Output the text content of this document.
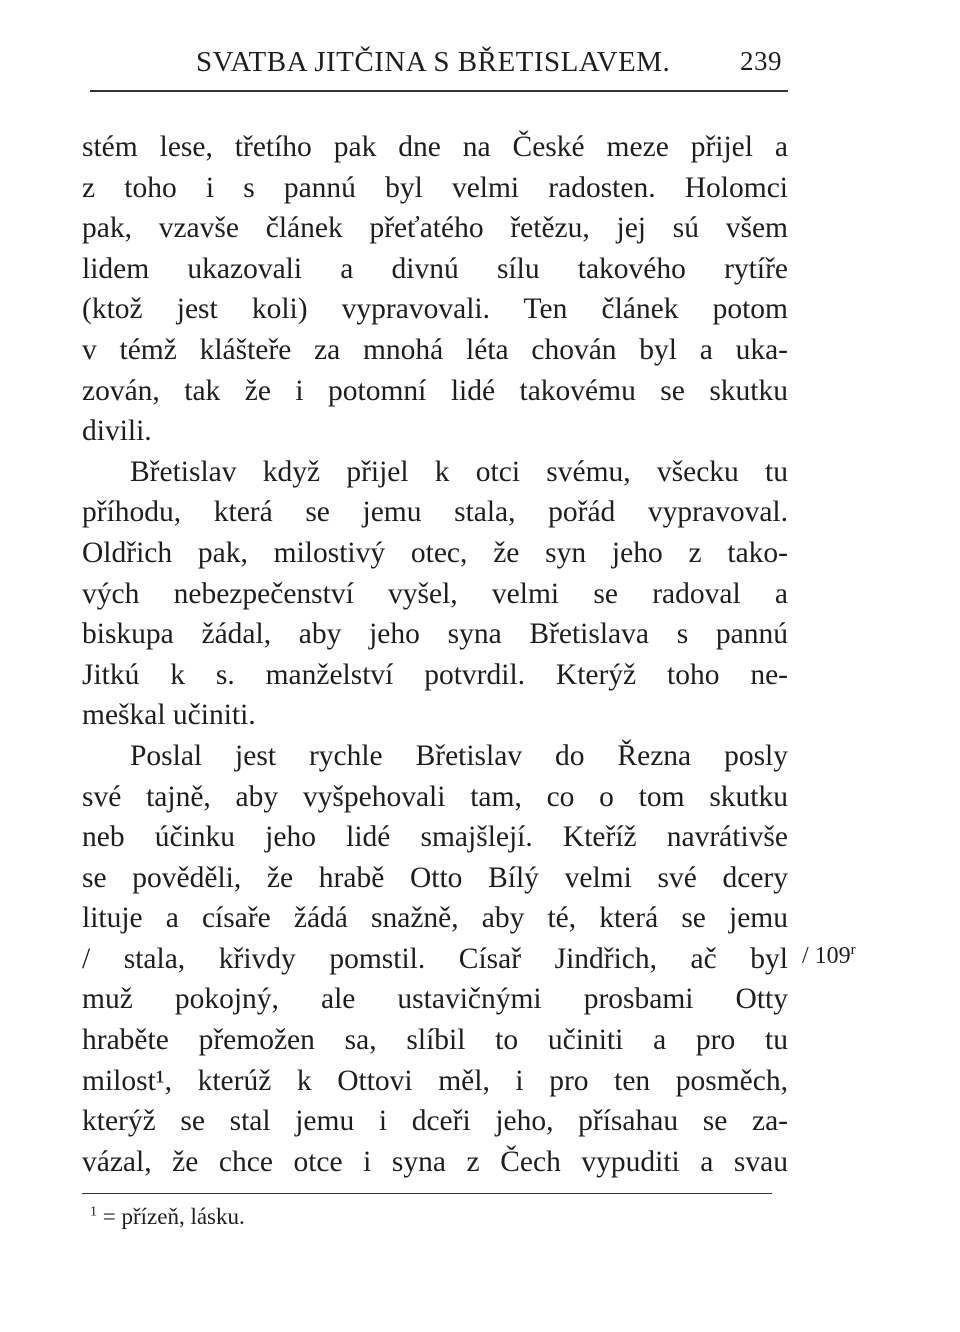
SVATBA JITČINA S BŘETISLAVEM.	239
stém lese, třetího pak dne na České meze přijel a
z toho i s pannú byl velmi radosten. Holomci
pak, vzavše článek přeťatého řetězu, jej sú všem
lidem ukazovali a divnú sílu takového rytíře
(ktož jest koli) vypravovali. Ten článek potom
v témž klášteře za mnohá léta chován byl a uka-
zován, tak že i potomní lidé takovému se skutku
divili.
Břetislav když přijel k otci svému, všecku tu
příhodu, která se jemu stala, pořád vypravoval.
Oldřich pak, milostivý otec, že syn jeho z tako-
vých nebezpečenství vyšel, velmi se radoval a
biskupa žádal, aby jeho syna Břetislava s pannú
Jitkú k s. manželství potvrdil. Kterýž toho ne-
meškal učiniti.
Poslal jest rychle Břetislav do Řezna posly
své tajně, aby vyšpehovali tam, co o tom skutku
neb účinku jeho lidé smajšlejí. Kteříž navrátivše
se pověděli, že hrabě Otto Bílý velmi své dcery
lituje a císaře žádá snažně, aby té, která se jemu
/ stala, křivdy pomstil. Císař Jindřich, ač byl
muž pokojný, ale ustavičnými prosbami Otty
hraběte přemožen sa, slíbil to učiniti a pro tu
milost¹, kterúž k Ottovi měl, i pro ten posměch,
kterýž se stal jemu i dceři jeho, přísahau se za-
vázal, že chce otce i syna z Čech vypuditi a svau
/ 109$^r$
$^1$ = přízeň, lásku.
